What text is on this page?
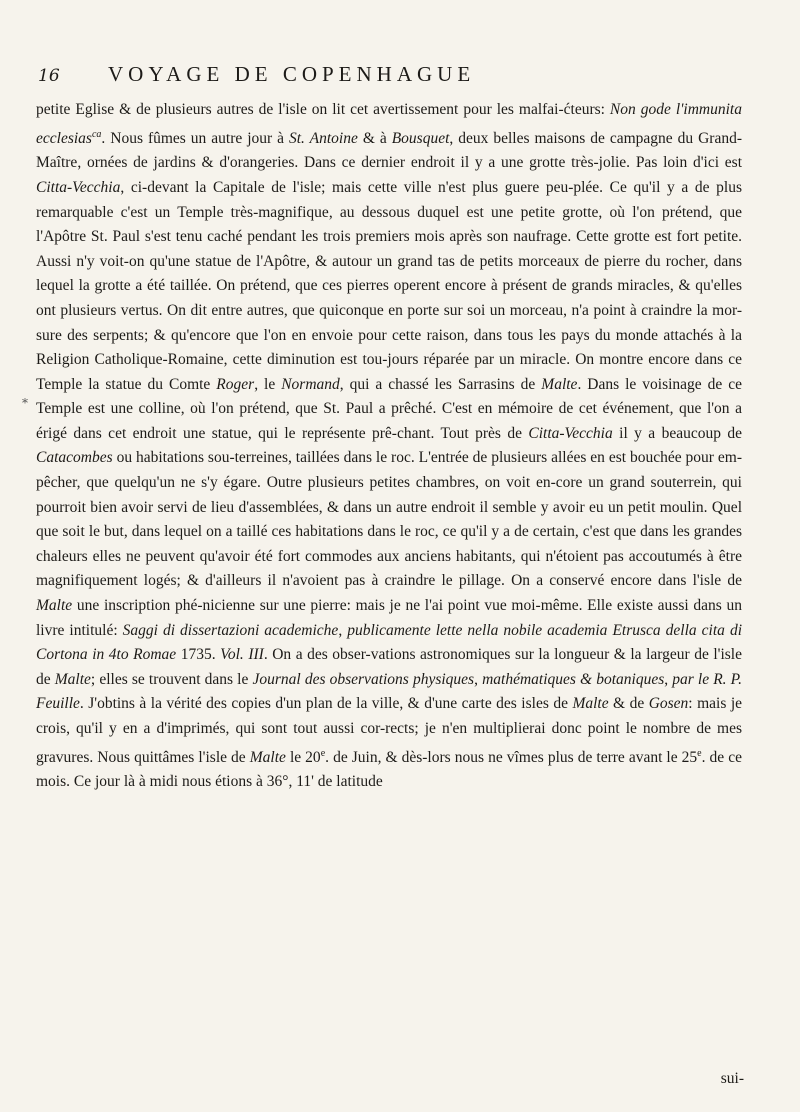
16	VOYAGE DE COPENHAGUE
*

petite Eglise & de plusieurs autres de l'isle on lit cet avertissement pour les malfai-ćteurs: Non gode l'immunita ecclesias$^{ca}$. Nous fûmes un autre jour à St. Antoine & à Bousquet, deux belles maisons de campagne du Grand-Maître, ornées de jardins & d'orangeries. Dans ce dernier endroit il y a une grotte très-jolie. Pas loin d'ici est Citta-Vecchia, ci-devant la Capitale de l'isle; mais cette ville n'est plus guere peu-plée. Ce qu'il y a de plus remarquable c'est un Temple très-magnifique, au dessous duquel est une petite grotte, où l'on prétend, que l'Apôtre St. Paul s'est tenu caché pendant les trois premiers mois après son naufrage. Cette grotte est fort petite. Aussi n'y voit-on qu'une statue de l'Apôtre, & autour un grand tas de petits morceaux de pierre du rocher, dans lequel la grotte a été taillée. On prétend, que ces pierres operent encore à présent de grands miracles, & qu'elles ont plusieurs vertus. On dit entre autres, que quiconque en porte sur soi un morceau, n'a point à craindre la mor-sure des serpents; & qu'encore que l'on en envoie pour cette raison, dans tous les pays du monde attachés à la Religion Catholique-Romaine, cette diminution est tou-jours réparée par un miracle. On montre encore dans ce Temple la statue du Comte Roger, le Normand, qui a chassé les Sarrasins de Malte. Dans le voisinage de ce Temple est une colline, où l'on prétend, que St. Paul a prêché. C'est en mémoire de cet événement, que l'on a érigé dans cet endroit une statue, qui le représente prê-chant. Tout près de Citta-Vecchia il y a beaucoup de Catacombes ou habitations sou-terreines, taillées dans le roc. L'entrée de plusieurs allées en est bouchée pour em-pêcher, que quelqu'un ne s'y égare. Outre plusieurs petites chambres, on voit en-core un grand souterrein, qui pourroit bien avoir servi de lieu d'assemblées, & dans un autre endroit il semble y avoir eu un petit moulin. Quel que soit le but, dans lequel on a taillé ces habitations dans le roc, ce qu'il y a de certain, c'est que dans les grandes chaleurs elles ne peuvent qu'avoir été fort commodes aux anciens habitants, qui n'étoient pas accoutumés à être magnifiquement logés; & d'ailleurs il n'avoient pas à craindre le pillage. On a conservé encore dans l'isle de Malte une inscription phé-nicienne sur une pierre: mais je ne l'ai point vue moi-même. Elle existe aussi dans un livre intitulé: Saggi di dissertazioni academiche, publicamente lette nella nobile academia Etrusca della cita di Cortona in 4to Romae 1735. Vol. III. On a des obser-vations astronomiques sur la longueur & la largeur de l'isle de Malte; elles se trouvent dans le Journal des observations physiques, mathématiques & botaniques, par le R. P. Feuille. J'obtins à la vérité des copies d'un plan de la ville, & d'une carte des isles de Malte & de Gosen: mais je crois, qu'il y en a d'imprimés, qui sont tout aussi cor-rects; je n'en multiplierai donc point le nombre de mes gravures. Nous quittâmes l'isle de Malte le 20e. de Juin, & dès-lors nous ne vîmes plus de terre avant le 25e. de ce mois. Ce jour là à midi nous étions à 36°, 11' de latitude

sui-
